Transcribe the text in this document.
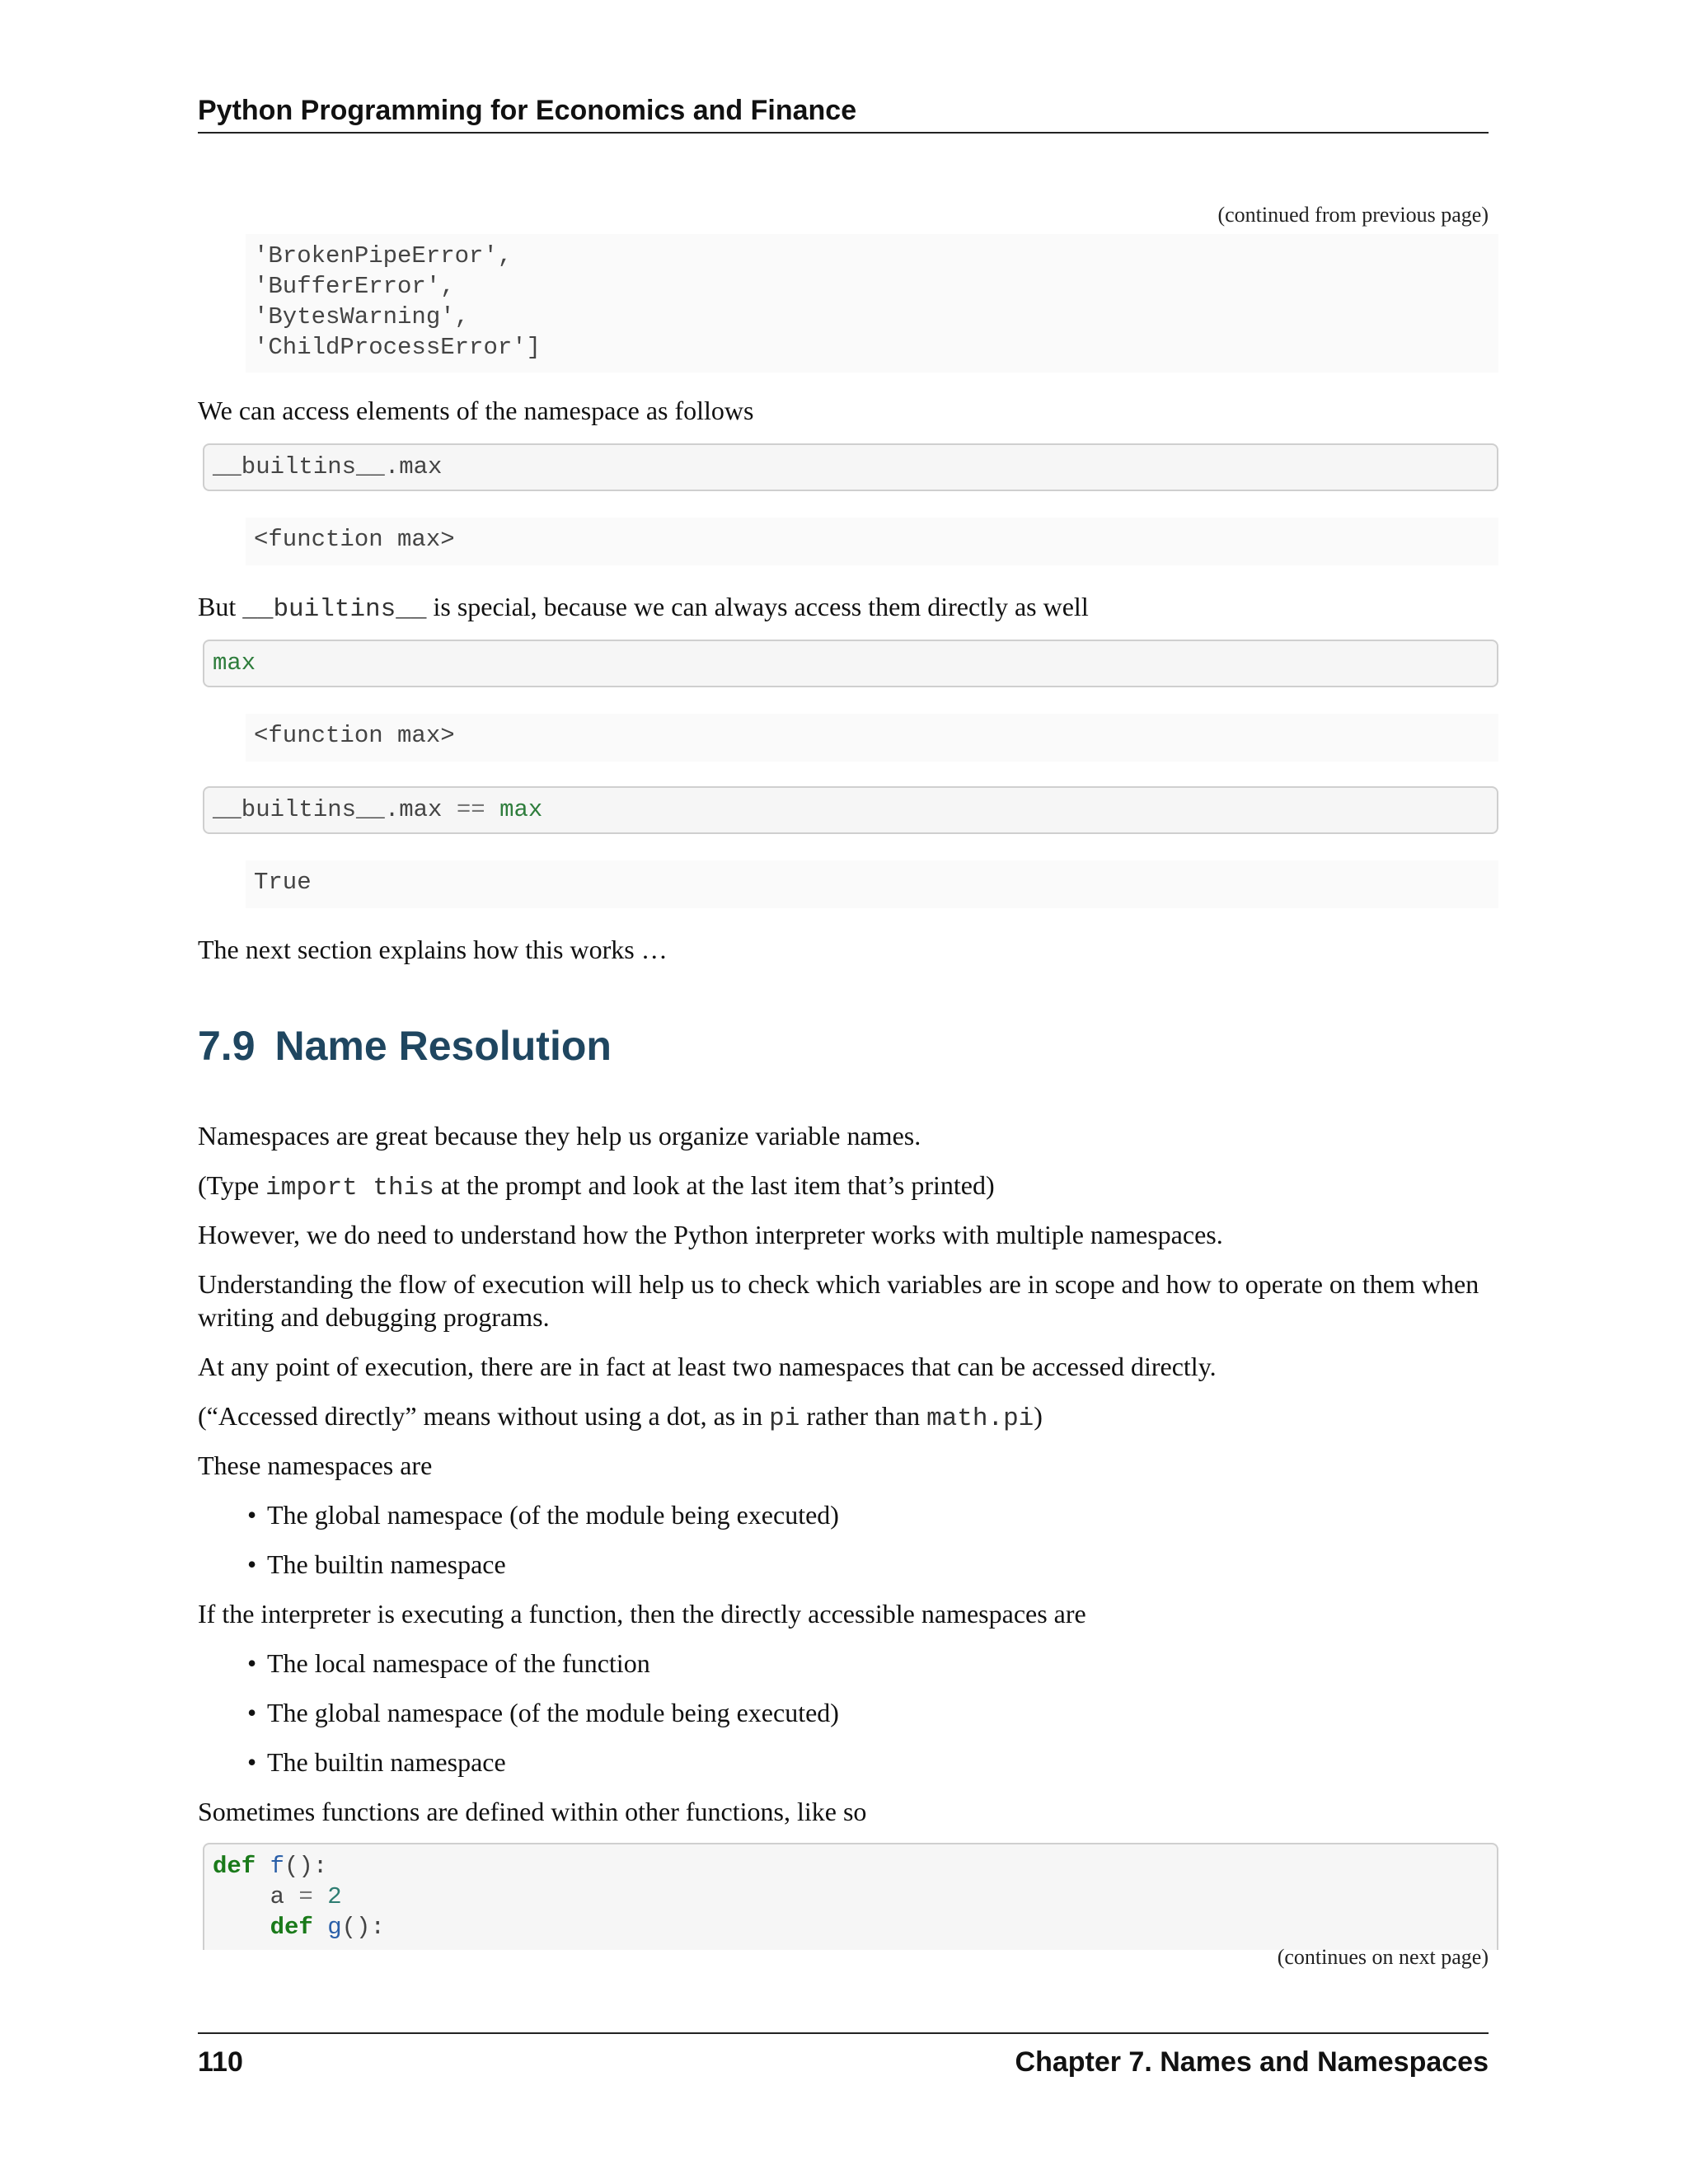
Python Programming for Economics and Finance
(continued from previous page)
'BrokenPipeError',
'BufferError',
'BytesWarning',
'ChildProcessError']
We can access elements of the namespace as follows
__builtins__.max
<function max>
But __builtins__ is special, because we can always access them directly as well
max
<function max>
__builtins__.max == max
True
The next section explains how this works …
7.9 Name Resolution
Namespaces are great because they help us organize variable names.
(Type import this at the prompt and look at the last item that’s printed)
However, we do need to understand how the Python interpreter works with multiple namespaces.
Understanding the flow of execution will help us to check which variables are in scope and how to operate on them when writing and debugging programs.
At any point of execution, there are in fact at least two namespaces that can be accessed directly.
(“Accessed directly” means without using a dot, as in pi rather than math.pi)
These namespaces are
• The global namespace (of the module being executed)
• The builtin namespace
If the interpreter is executing a function, then the directly accessible namespaces are
• The local namespace of the function
• The global namespace (of the module being executed)
• The builtin namespace
Sometimes functions are defined within other functions, like so
def f():
a = 2
def g():
(continues on next page)
110	Chapter 7. Names and Namespaces
